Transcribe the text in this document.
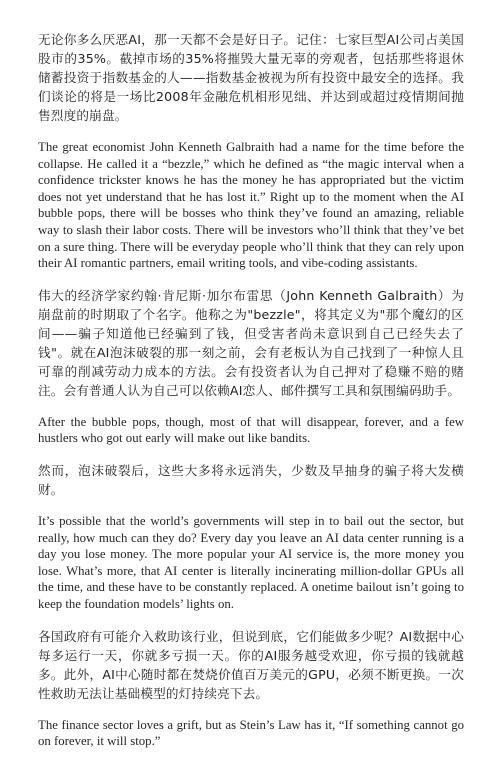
无论你多么厌恶AI，那一天都不会是好日子。记住：七家巨型AI公司占美国股市的35%。截掉市场的35%将摧毁大量无辜的旁观者，包括那些将退休储蓄投资于指数基金的人——指数基金被视为所有投资中最安全的选择。我们谈论的将是一场比2008年金融危机相形见绌、并达到或超过疫情期间抛售烈度的崩盘。

The great economist John Kenneth Galbraith had a name for the time before the collapse. He called it a “bezzle,” which he defined as “the magic interval when a confidence trickster knows he has the money he has appropriated but the victim does not yet understand that he has lost it.” Right up to the moment when the AI bubble pops, there will be bosses who think they’ve found an amazing, reliable way to slash their labor costs. There will be investors who’ll think that they’ve bet on a sure thing. There will be everyday people who’ll think that they can rely upon their AI romantic partners, email writing tools, and vibe-coding assistants.

伟大的经济学家约翰·肯尼斯·加尔布雷思（John Kenneth Galbraith）为崩盘前的时期取了个名字。他称之为"bezzle"，将其定义为"那个魔幻的区间——骗子知道他已经骗到了钱，但受害者尚未意识到自己已经失去了钱"。就在AI泡沫破裂的那一刻之前，会有老板认为自己找到了一种惊人且可靠的削减劳动力成本的方法。会有投资者认为自己押对了稳赚不赔的赌注。会有普通人认为自己可以依赖AI恋人、邮件撰写工具和氛围编码助手。

After the bubble pops, though, most of that will disappear, forever, and a few hustlers who got out early will make out like bandits.

然而，泡沫破裂后，这些大多将永远消失，少数及早抽身的骗子将大发横财。

It’s possible that the world’s governments will step in to bail out the sector, but really, how much can they do? Every day you leave an AI data center running is a day you lose money. The more popular your AI service is, the more money you lose. What’s more, that AI center is literally incinerating million-dollar GPUs all the time, and these have to be constantly replaced. A onetime bailout isn’t going to keep the foundation models’ lights on.

各国政府有可能介入救助该行业，但说到底，它们能做多少呢？AI数据中心每多运行一天，你就多亏损一天。你的AI服务越受欢迎，你亏损的钱就越多。此外，AI中心随时都在焚烧价值百万美元的GPU，必须不断更换。一次性救助无法让基础模型的灯持续亮下去。

The finance sector loves a grift, but as Stein’s Law has it, “If something cannot go on forever, it will stop.”
